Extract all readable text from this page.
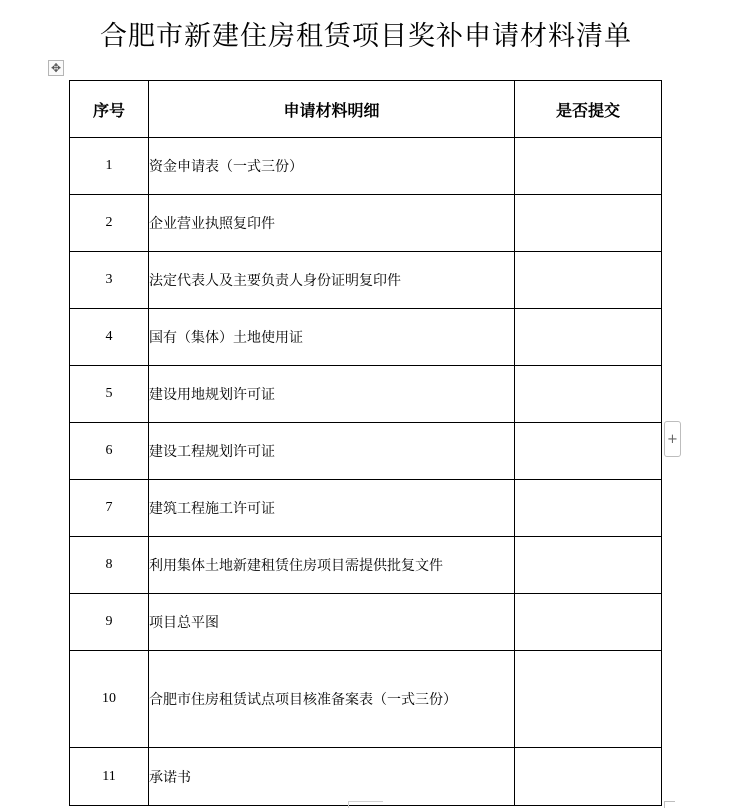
合肥市新建住房租赁项目奖补申请材料清单
✥
序号	申请材料明细	是否提交
1	资金申请表（一式三份）	
2	企业营业执照复印件	
3	法定代表人及主要负责人身份证明复印件	
4	国有（集体）土地使用证	
5	建设用地规划许可证	
6	建设工程规划许可证	
7	建筑工程施工许可证	
8	利用集体土地新建租赁住房项目需提供批复文件	
9	项目总平图	
10	合肥市住房租赁试点项目核准备案表（一式三份）	
11	承诺书	
+
